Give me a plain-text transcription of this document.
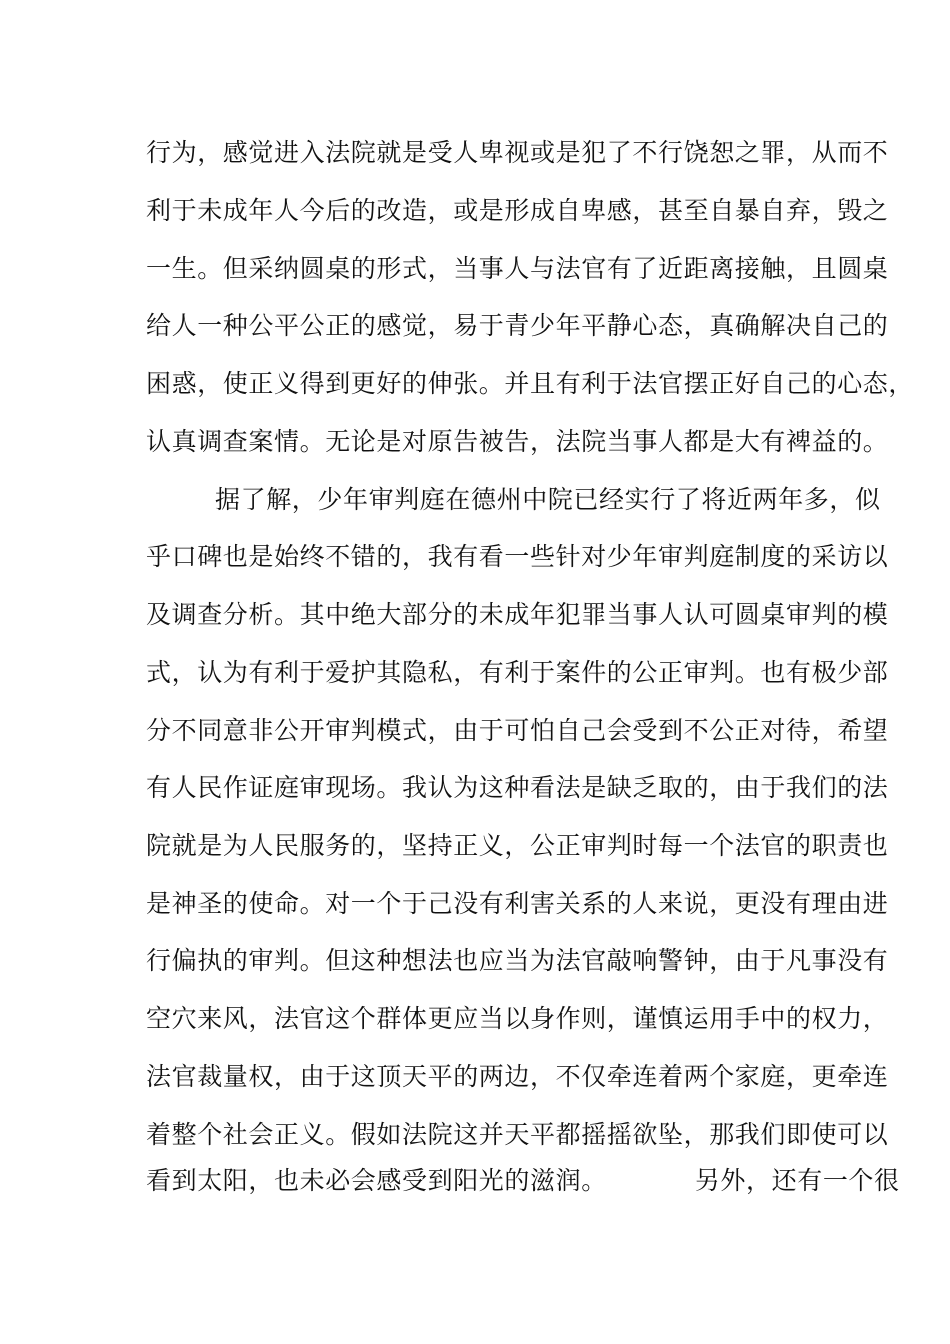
行为，感觉进入法院就是受人卑视或是犯了不行饶恕之罪，从而不
利于未成年人今后的改造，或是形成自卑感，甚至自暴自弃，毁之
一生。但采纳圆桌的形式，当事人与法官有了近距离接触，且圆桌
给人一种公平公正的感觉，易于青少年平静心态，真确解决自己的
困惑，使正义得到更好的伸张。并且有利于法官摆正好自己的心态，
认真调查案情。无论是对原告被告，法院当事人都是大有裨益的。
据了解，少年审判庭在德州中院已经实行了将近两年多，似
乎口碑也是始终不错的，我有看一些针对少年审判庭制度的采访以
及调查分析。其中绝大部分的未成年犯罪当事人认可圆桌审判的模
式，认为有利于爱护其隐私，有利于案件的公正审判。也有极少部
分不同意非公开审判模式，由于可怕自己会受到不公正对待，希望
有人民作证庭审现场。我认为这种看法是缺乏取的，由于我们的法
院就是为人民服务的，坚持正义，公正审判时每一个法官的职责也
是神圣的使命。对一个于己没有利害关系的人来说，更没有理由进
行偏执的审判。但这种想法也应当为法官敲响警钟，由于凡事没有
空穴来风，法官这个群体更应当以身作则，谨慎运用手中的权力，
法官裁量权，由于这顶天平的两边，不仅牵连着两个家庭，更牵连
着整个社会正义。假如法院这并天平都摇摇欲坠，那我们即使可以
看到太阳，也未必会感受到阳光的滋润。	另外，还有一个很
